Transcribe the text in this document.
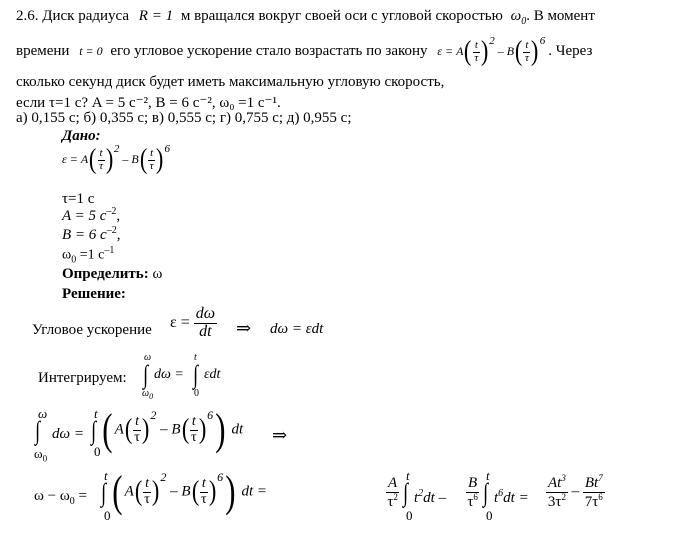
2.6. Диск радиуса R = 1 м вращался вокруг своей оси с угловой скоростью $\omega_0$. В момент
времени t = 0 его угловое ускорение стало возрастать по закону $\varepsilon = A( \frac{t}{\tau} )2 - B( \frac{t}{\tau} )6$ . Через
сколько секунд диск будет иметь максимальную угловую скорость,
если τ=1 с? A = 5 с⁻², B = 6 с⁻², ω₀ =1 с⁻¹.
а) 0,155 с; б) 0,355 с; в) 0,555 с; г) 0,755 с; д) 0,955 с;
Дано:
$\varepsilon = A( \frac{t}{\tau} )2 - B( \frac{t}{\tau} )6$
τ=1 с
A = 5 $с^{-2}$,
B = 6 $с^{-2}$,
$\omega_0 =1$ $с^{-1}$
Определить: ω
Решение:
Угловое ускорение $\varepsilon = \frac{d\omega}{dt}$ ⇒ dω = εdt
Интегрируем:
ω
∫
$\omega_0$
dω =
t
∫
0
εdt
ω
∫
$\omega_0$
dω =
t
∫
0 ( $A( \frac{t}{\tau} )^2 - B( \frac{t}{\tau} )^6$) dt ⇒
$\omega - \omega_0$ =
t
∫
0 ( $A( \frac{t}{\tau} )^2 - B( \frac{t}{\tau} )^6$) dt =	$\frac{A}{\tau^2}$
t
∫
0
$t^2dt - \frac{B}{\tau^6}$
t
∫
0
$t^6dt = \frac{At^3}{3\tau^2} - \frac{Bt^7}{7\tau^6}$
